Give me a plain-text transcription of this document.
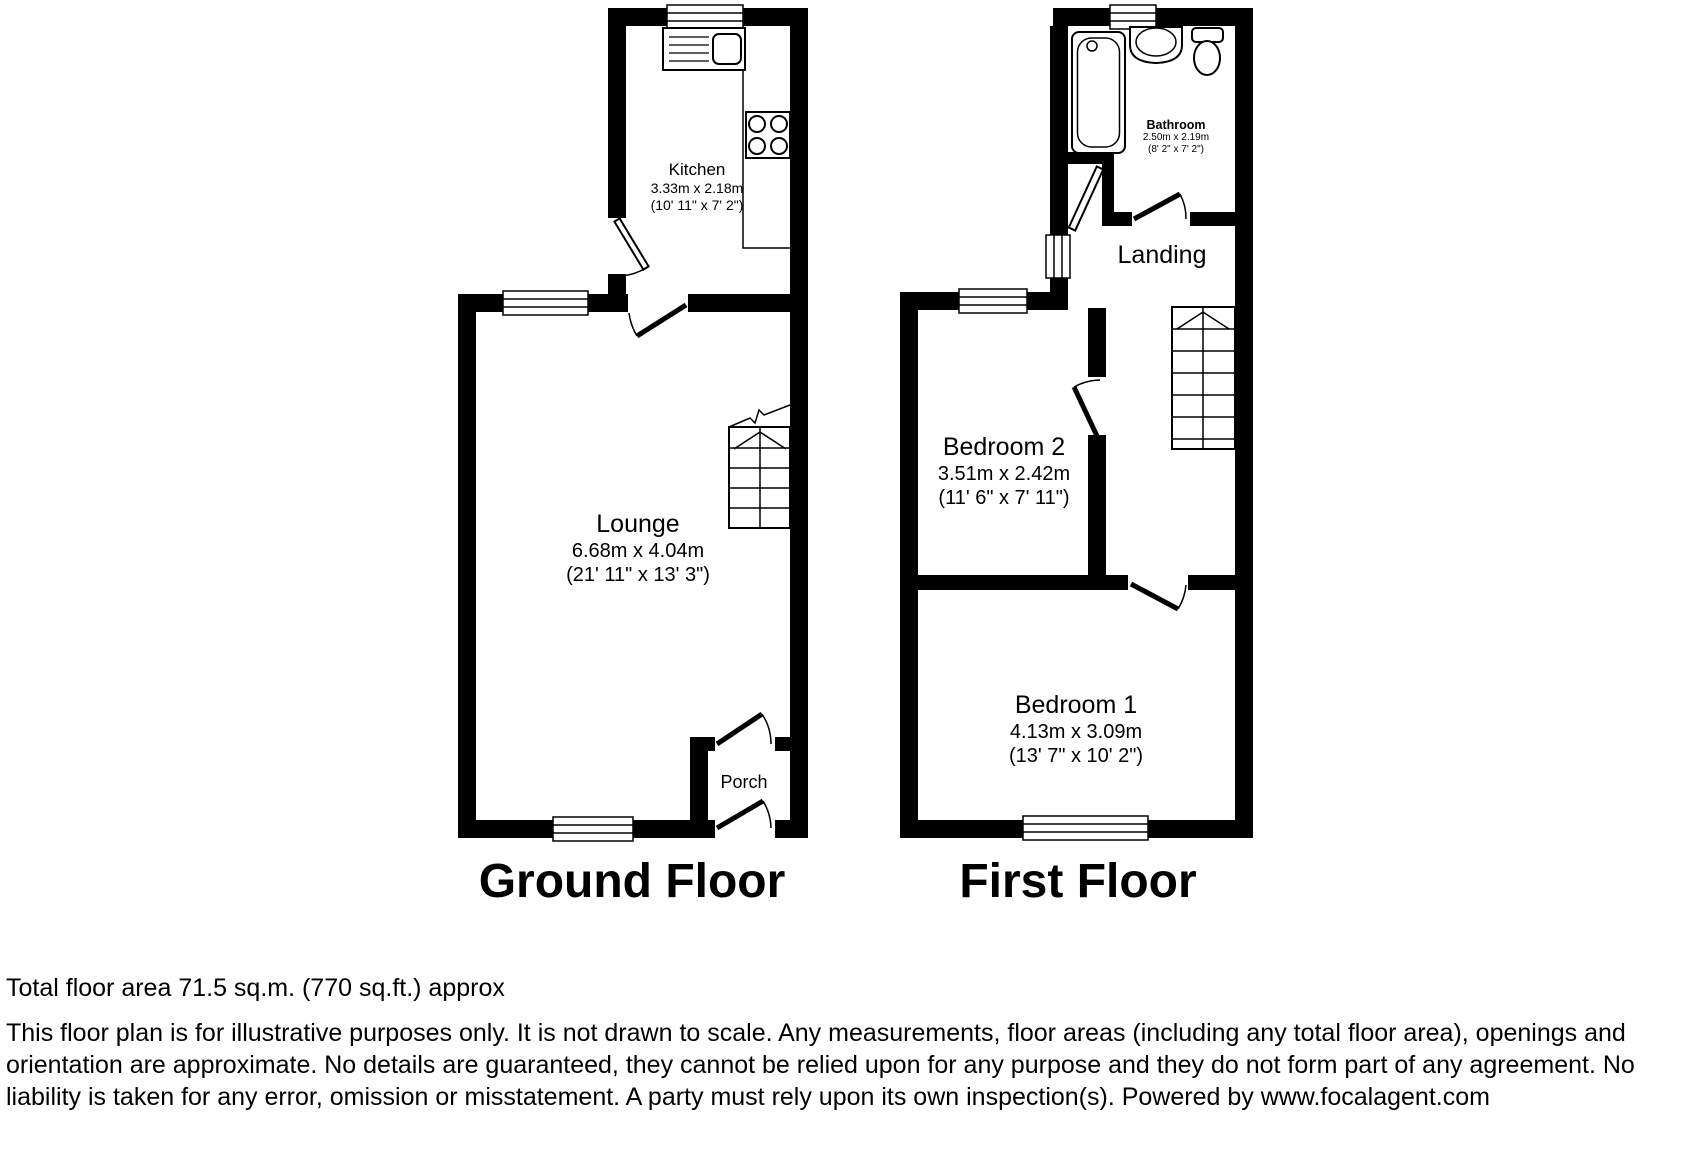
Kitchen
3.33m x 2.18m
(10' 11" x 7' 2")
Lounge
6.68m x 4.04m
(21' 11" x 13' 3")
Porch
Bathroom
2.50m x 2.19m
(8' 2" x 7' 2")
Landing
Bedroom 2
3.51m x 2.42m
(11' 6" x 7' 11")
Bedroom 1
4.13m x 3.09m
(13' 7" x 10' 2")
Ground Floor	First Floor
Total floor area 71.5 sq.m. (770 sq.ft.) approx
This floor plan is for illustrative purposes only. It is not drawn to scale. Any measurements, floor areas (including any total floor area), openings and orientation are approximate. No details are guaranteed, they cannot be relied upon for any purpose and they do not form part of any agreement. No liability is taken for any error, omission or misstatement. A party must rely upon its own inspection(s). Powered by www.focalagent.com
